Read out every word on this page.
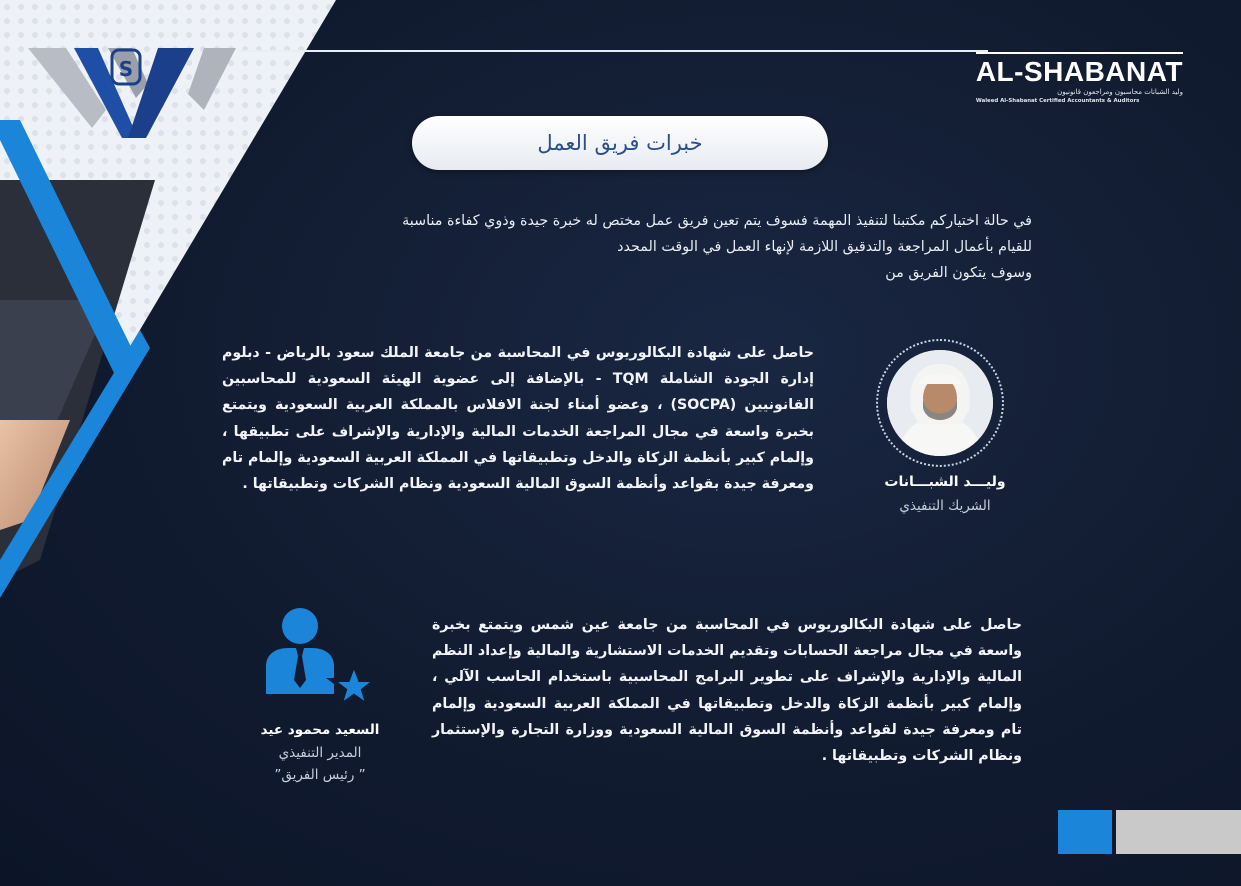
S	AL-SHABANAT
وليد الشبانات محاسبون ومراجعون قانونيون
Waleed Al-Shabanat Certified Accountants & Auditors
خبرات فريق العمل
في حالة اختياركم مكتبنا لتنفيذ المهمة فسوف يتم تعين فريق عمل مختص له خبرة جيدة وذوي كفاءة مناسبة
للقيام بأعمال المراجعة والتدقيق اللازمة لإنهاء العمل في الوقت المحدد
وسوف يتكون الفريق من
حاصل على شهادة البكالوريوس في المحاسبة من جامعة الملك سعود بالرياض - دبلوم إدارة الجودة الشاملة TQM - بالإضافة إلى عضوية الهيئة السعودية للمحاسبين القانونيين (SOCPA) ، وعضو أمناء لجنة الافلاس بالمملكة العربية السعودية ويتمتع بخبرة واسعة في مجال المراجعة الخدمات المالية والإدارية والإشراف على تطبيقها ، وإلمام كبير بأنظمة الزكاة والدخل وتطبيقاتها في المملكة العربية السعودية وإلمام تام ومعرفة جيدة بقواعد وأنظمة السوق المالية السعودية ونظام الشركات وتطبيقاتها .	وليـــد الشبـــانات
الشريك التنفيذي
السعيد محمود عيد
المدير التنفيذي
”رئيس الفريق ”
حاصل على شهادة البكالوريوس في المحاسبة من جامعة عين شمس ويتمتع بخبرة واسعة في مجال مراجعة الحسابات وتقديم الخدمات الاستشارية والمالية وإعداد النظم المالية والإدارية والإشراف على تطوير البرامج المحاسبية باستخدام الحاسب الآلي ، وإلمام كبير بأنظمة الزكاة والدخل وتطبيقاتها في المملكة العربية السعودية وإلمام تام ومعرفة جيدة لقواعد وأنظمة السوق المالية السعودية ووزارة التجارة والإستثمار ونظام الشركات وتطبيقاتها .
